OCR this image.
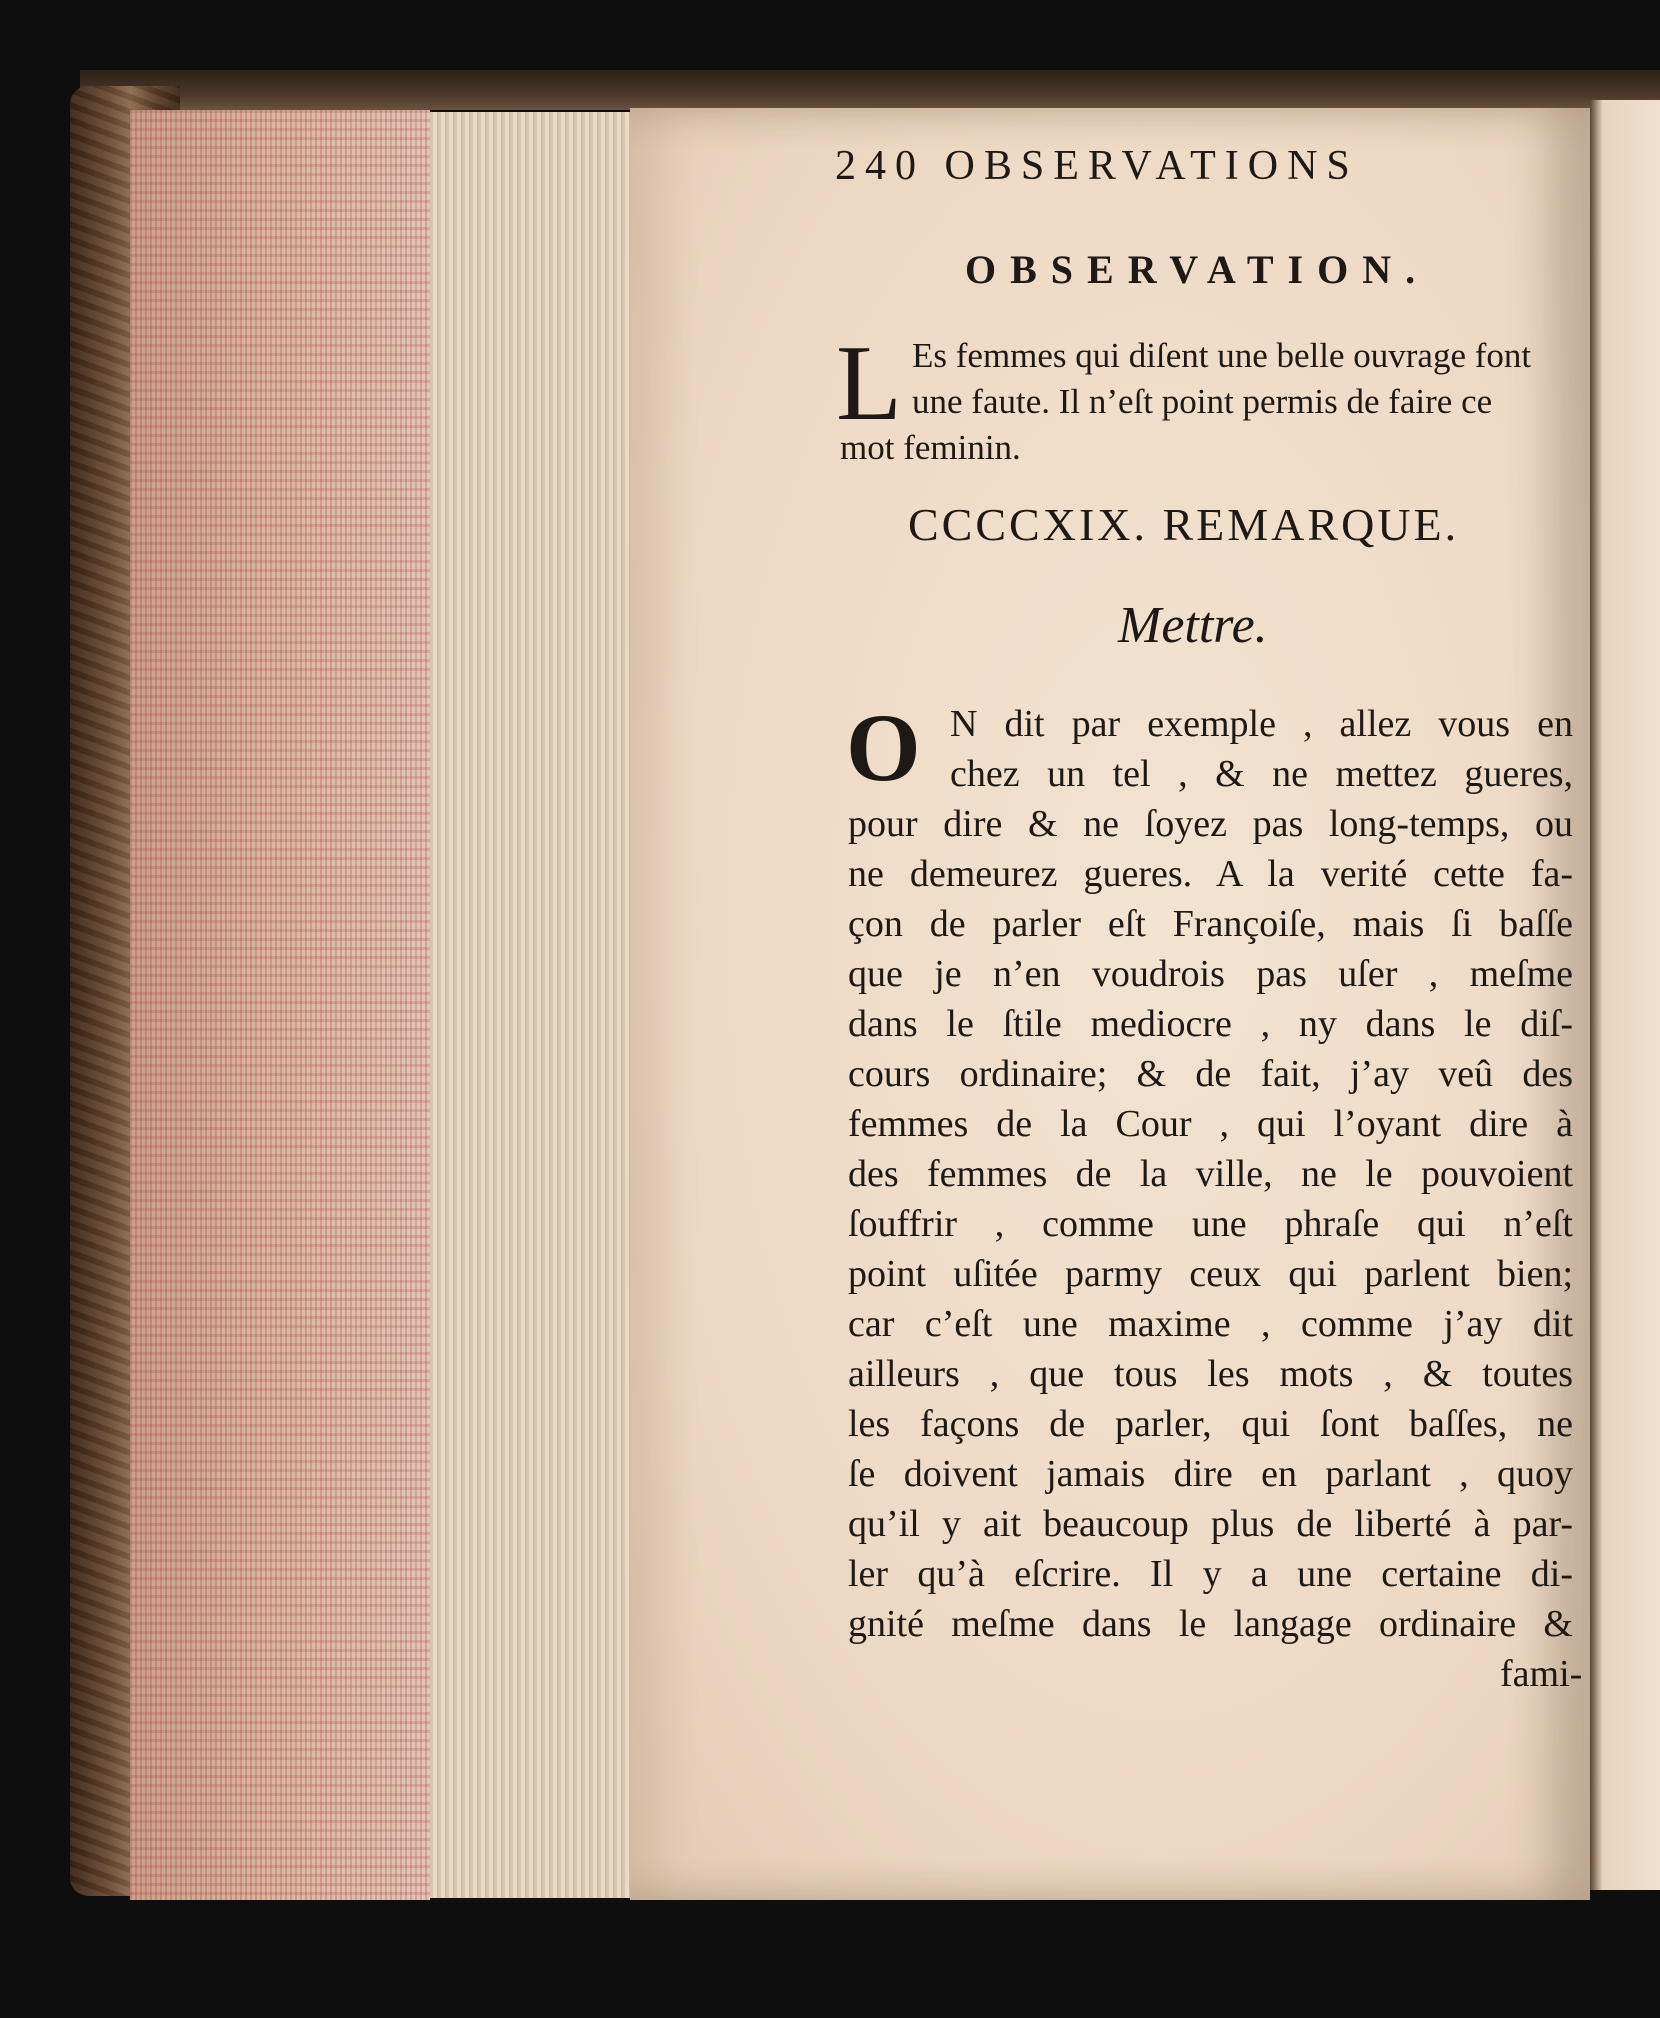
240 OBSERVATIONS
OBSERVATION.
L Es femmes qui diſent une belle ouvrage font
une faute. Il n’eſt point permis de faire ce
mot feminin.
CCCCXIX. REMARQUE.
Mettre.
O N dit par exemple , allez vous en
chez un tel , & ne mettez gueres,
pour dire & ne ſoyez pas long-temps, ou
ne demeurez gueres. A la verité cette fa-
çon de parler eſt Françoiſe, mais ſi baſſe
que je n’en voudrois pas uſer , meſme
dans le ſtile mediocre , ny dans le diſ-
cours ordinaire; & de fait, j’ay veû des
femmes de la Cour , qui l’oyant dire à
des femmes de la ville, ne le pouvoient
ſouffrir , comme une phraſe qui n’eſt
point uſitée parmy ceux qui parlent bien;
car c’eſt une maxime , comme j’ay dit
ailleurs , que tous les mots , & toutes
les façons de parler, qui ſont baſſes, ne
ſe doivent jamais dire en parlant , quoy
qu’il y ait beaucoup plus de liberté à par-
ler qu’à eſcrire. Il y a une certaine di-
gnité meſme dans le langage ordinaire &
fami-
